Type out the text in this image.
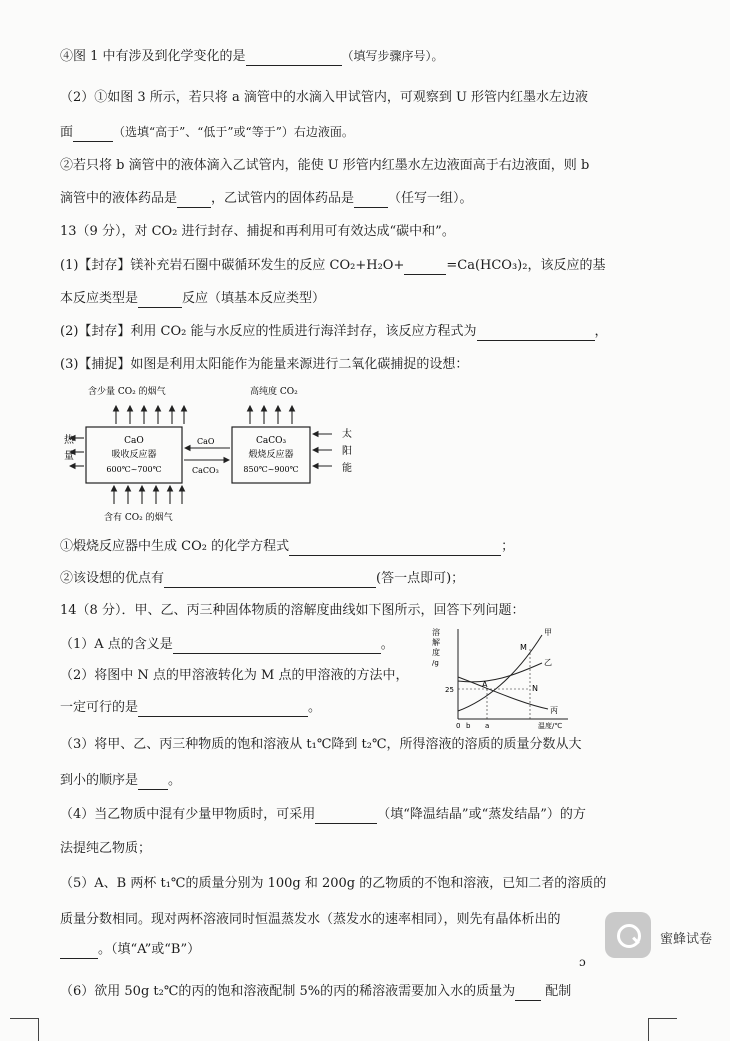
④图 1 中有涉及到化学变化的是	（填写步骤序号）。
（2）①如图 3 所示，若只将 a 滴管中的水滴入甲试管内，可观察到 U 形管内红墨水左边液
面	（选填“高于”、“低于”或“等于”）右边液面。
②若只将 b 滴管中的液体滴入乙试管内，能使 U 形管内红墨水左边液面高于右边液面，则 b
滴管中的液体药品是	，乙试管内的固体药品是	（任写一组）。
13（9 分），对 CO₂ 进行封存、捕捉和再利用可有效达成“碳中和”。
(1)【封存】镁补充岩石圈中碳循环发生的反应 CO₂+H₂O+	=Ca(HCO₃)₂，该反应的基
本反应类型是	反应（填基本反应类型）
(2)【封存】利用 CO₂ 能与水反应的性质进行海洋封存，该反应方程式为	，
(3)【捕捉】如图是利用太阳能作为能量来源进行二氧化碳捕捉的设想：
含少量 CO₂ 的烟气	高纯度 CO₂
CaO
吸收反应器
600℃~700℃
CaCO₃
煅烧反应器
850℃~900℃
CaO
CaCO₃
热
量
太
阳
能
含有 CO₂ 的烟气
①煅烧反应器中生成 CO₂ 的化学方程式	；
②该设想的优点有	(答一点即可)；
14（8 分）．甲、乙、丙三种固体物质的溶解度曲线如下图所示，回答下列问题：
（1）A 点的含义是	。
（2）将图中 N 点的甲溶液转化为 M 点的甲溶液的方法中，
一定可行的是	。
溶
解
度
/g
甲
乙
丙
M
A	N
25
0 b a	温度/℃
（3）将甲、乙、丙三种物质的饱和溶液从 t₁℃降到 t₂℃，所得溶液的溶质的质量分数从大
到小的顺序是 。
（4）当乙物质中混有少量甲物质时，可采用	（填“降温结晶”或“蒸发结晶”）的方
法提纯乙物质；
（5）A、B 两杯 t₁℃的质量分别为 100g 和 200g 的乙物质的不饱和溶液，已知二者的溶质的
质量分数相同。现对两杯溶液同时恒温蒸发水（蒸发水的速率相同），则先有晶体析出的
。（填“A”或“B”）
（6）欲用 50g t₂℃的丙的饱和溶液配制 5%的丙的稀溶液需要加入水的质量为 配制
蜜蜂试卷
ɔ
